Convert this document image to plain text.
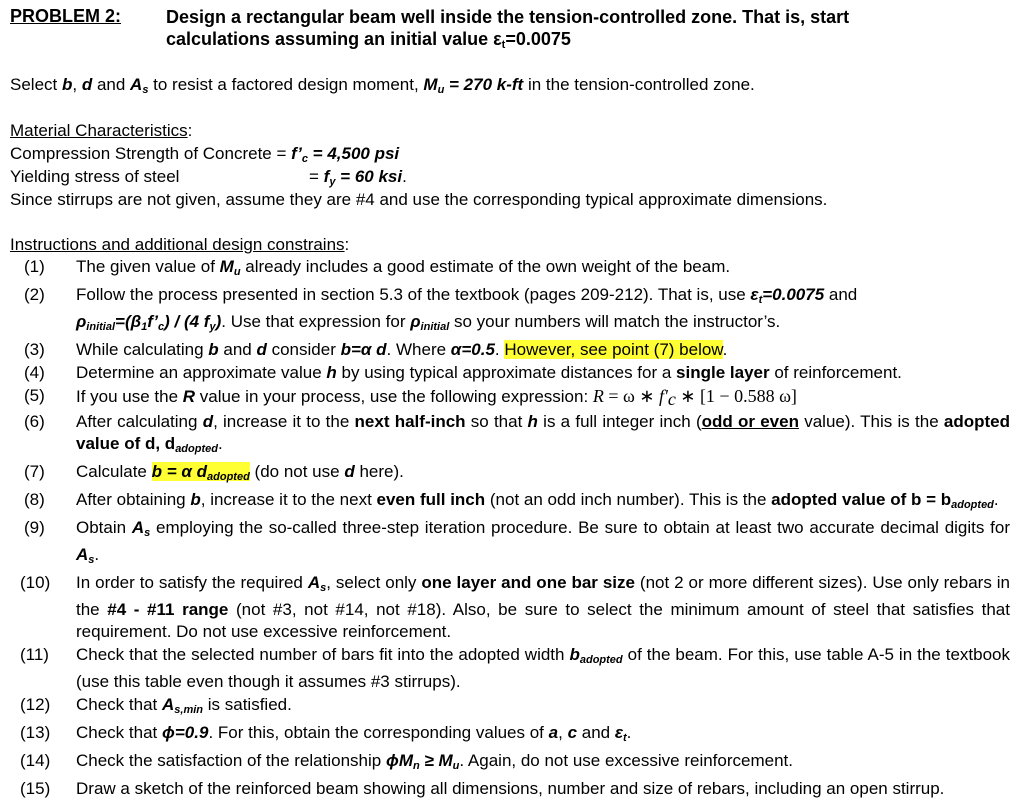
PROBLEM 2: Design a rectangular beam well inside the tension-controlled zone. That is, start
calculations assuming an initial value $\varepsilon_t=0.0075$
Select b, d and $A_s$ to resist a factored design moment, $M_u = 270$ k-ft in the tension-controlled zone.
Material Characteristics:
Compression Strength of Concrete = $f’_c = 4,500$ psi
Yielding stress of steel	= $f_y = 60$ ksi.
Since stirrups are not given, assume they are #4 and use the corresponding typical approximate dimensions.
Instructions and additional design constrains:
(1)	The given value of $M_u$ already includes a good estimate of the own weight of the beam.
(2)	Follow the process presented in section 5.3 of the textbook (pages 209-212). That is, use $\varepsilon_t=0.0075$ and
$\rho_{initial}=(\beta_1f’_c) / (4$ $f_y$). Use that expression for $\rho_{initial}$ so your numbers will match the instructor’s.
(3)	While calculating b and d consider b=α d. Where α=0.5. However, see point (7) below.
(4)	Determine an approximate value h by using typical approximate distances for a single layer of reinforcement.
(5)	If you use the R value in your process, use the following expression: R = ω ∗ f'c ∗ [1 − 0.588 ω]
(6)	After calculating d, increase it to the next half-inch so that h is a full integer inch (odd or even value). This is the adopted value of d, $d_{adopted}$.
(7)	Calculate b = α $d_{adopted}$ (do not use d here).
(8)	After obtaining b, increase it to the next even full inch (not an odd inch number). This is the adopted value of $b = b_{adopted}$.
(9)	Obtain $A_s$ employing the so-called three-step iteration procedure. Be sure to obtain at least two accurate decimal digits for $A_s$.
(10)	In order to satisfy the required $A_s$, select only one layer and one bar size (not 2 or more different sizes). Use only rebars in the #4 - #11 range (not #3, not #14, not #18). Also, be sure to select the minimum amount of steel that satisfies that requirement. Do not use excessive reinforcement.
(11)	Check that the selected number of bars fit into the adopted width $b_{adopted}$ of the beam. For this, use table A-5 in the textbook (use this table even though it assumes #3 stirrups).
(12)	Check that $A_{s,min}$ is satisfied.
(13)	Check that ϕ=0.9. For this, obtain the corresponding values of a, c and $\varepsilon_t$.
(14)	Check the satisfaction of the relationship $\phi M_n \ge M_u$. Again, do not use excessive reinforcement.
(15)	Draw a sketch of the reinforced beam showing all dimensions, number and size of rebars, including an open stirrup.
